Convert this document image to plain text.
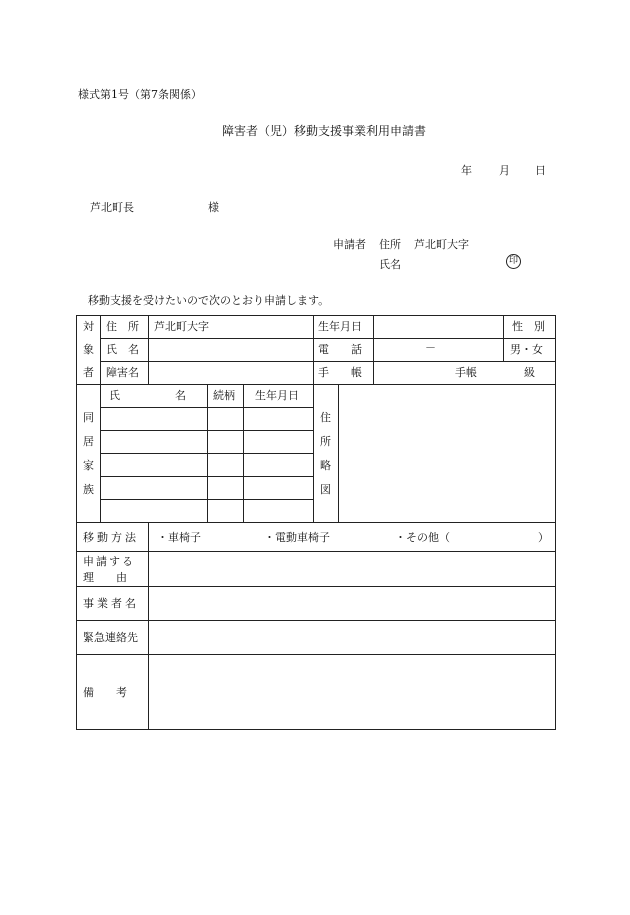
様式第1号（第7条関係）
障害者（児）移動支援事業利用申請書
年 月 日
芦北町長	様
申請者 住所 芦北町大字
氏名	印
移動支援を受けたいので次のとおり申請します。
対
象
者
住　所 芦北町大字	生年月日	性　別
氏　名	電　　話	－	男・女
障害名	手　　帳	手帳	級
同
居
家
族
氏　　　　　名 続柄 生年月日
住
所
略
図
移動方法 ・車椅子	・電動車椅子	・その他（	）
申請する
理　　由
事業者名
緊急連絡先
備　　考
